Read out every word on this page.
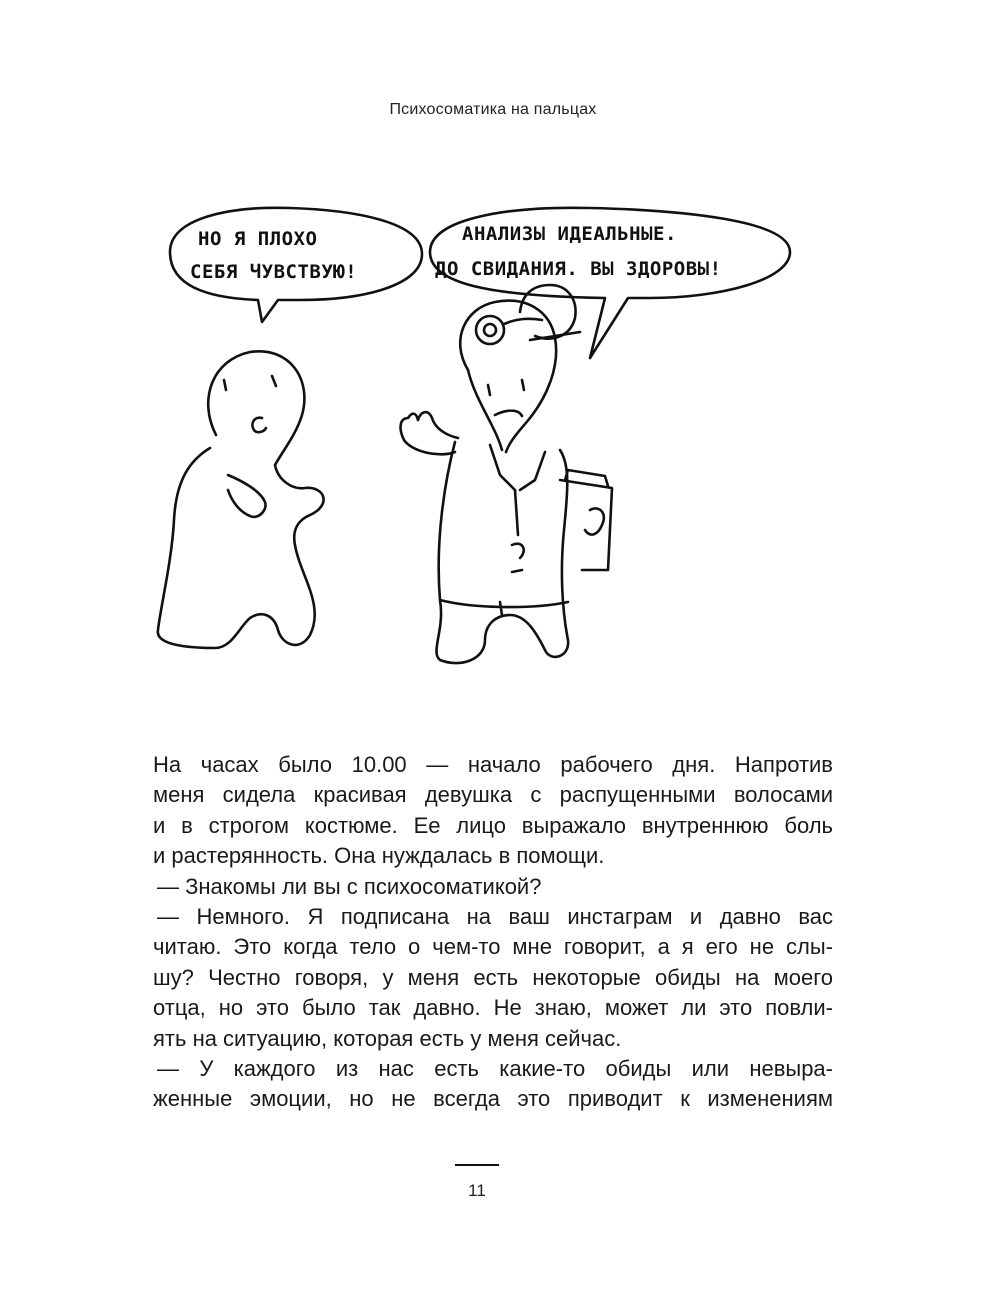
Психосоматика на пальцах
НО Я ПЛОХО
СЕБЯ ЧУВСТВУЮ!
АНАЛИЗЫ ИДЕАЛЬНЫЕ.
ДО СВИДАНИЯ. ВЫ ЗДОРОВЫ!
На часах было 10.00 — начало рабочего дня. Напротив
меня сидела красивая девушка с распущенными волосами
и в строгом костюме. Ее лицо выражало внутреннюю боль
и растерянность. Она нуждалась в помощи.
— Знакомы ли вы с психосоматикой?
— Немного. Я подписана на ваш инстаграм и давно вас
читаю. Это когда тело о чем-то мне говорит, а я его не слы-
шу? Честно говоря, у меня есть некоторые обиды на моего
отца, но это было так давно. Не знаю, может ли это повли-
ять на ситуацию, которая есть у меня сейчас.
— У каждого из нас есть какие-то обиды или невыра-
женные эмоции, но не всегда это приводит к изменениям
11
